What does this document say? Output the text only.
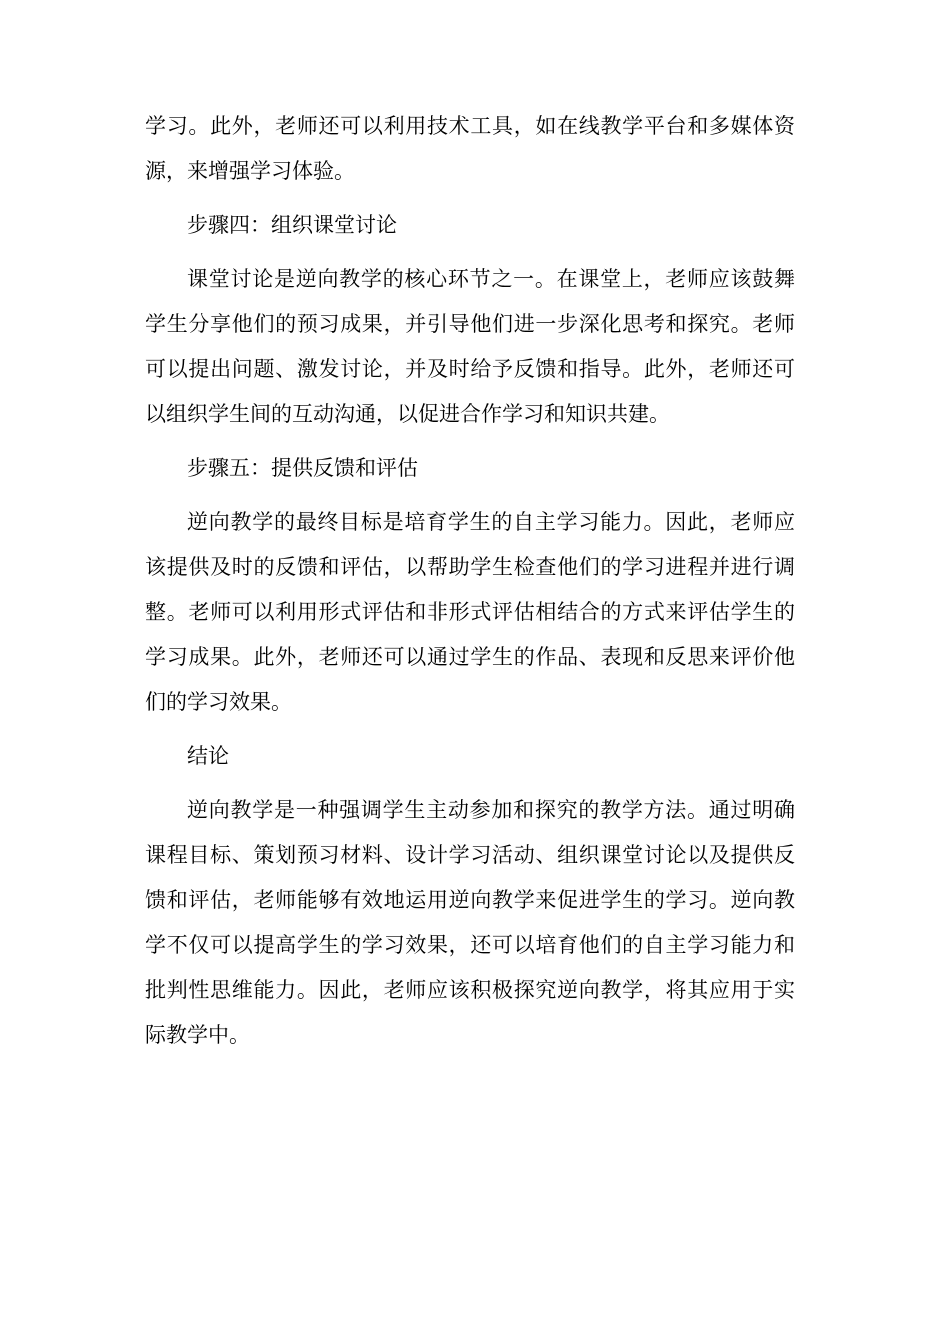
学习。此外，老师还可以利用技术工具，如在线教学平台和多媒体资源，来增强学习体验。

步骤四：组织课堂讨论

课堂讨论是逆向教学的核心环节之一。在课堂上，老师应该鼓舞学生分享他们的预习成果，并引导他们进一步深化思考和探究。老师可以提出问题、激发讨论，并及时给予反馈和指导。此外，老师还可以组织学生间的互动沟通，以促进合作学习和知识共建。

步骤五：提供反馈和评估

逆向教学的最终目标是培育学生的自主学习能力。因此，老师应该提供及时的反馈和评估，以帮助学生检查他们的学习进程并进行调整。老师可以利用形式评估和非形式评估相结合的方式来评估学生的学习成果。此外，老师还可以通过学生的作品、表现和反思来评价他们的学习效果。

结论

逆向教学是一种强调学生主动参加和探究的教学方法。通过明确课程目标、策划预习材料、设计学习活动、组织课堂讨论以及提供反馈和评估，老师能够有效地运用逆向教学来促进学生的学习。逆向教学不仅可以提高学生的学习效果，还可以培育他们的自主学习能力和批判性思维能力。因此，老师应该积极探究逆向教学，将其应用于实际教学中。
